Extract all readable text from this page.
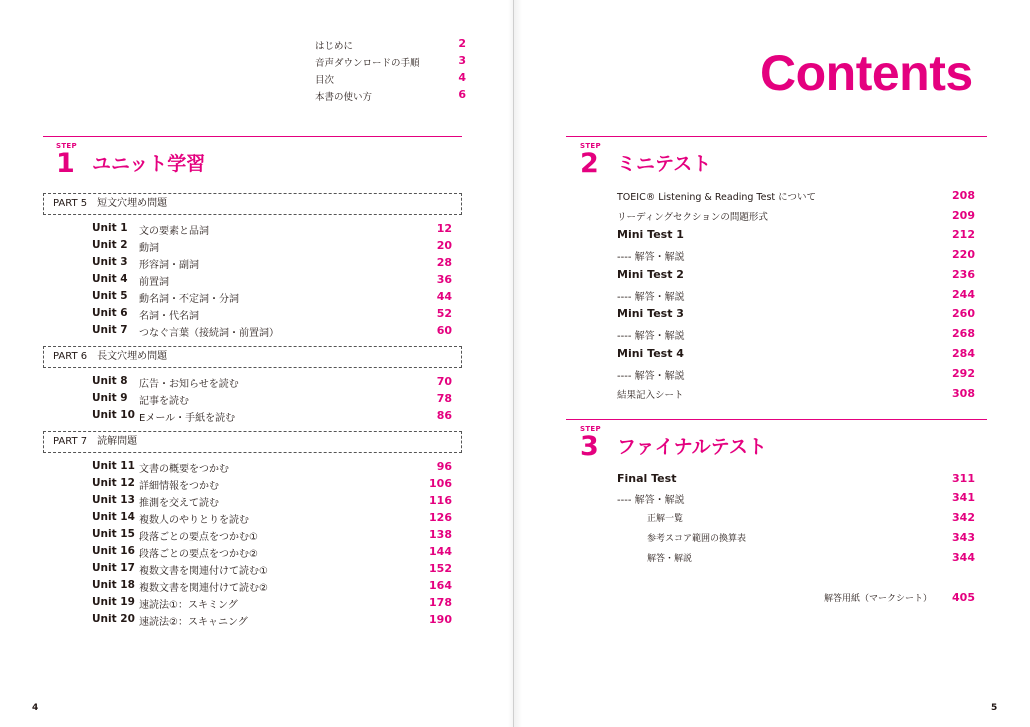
はじめに	2
音声ダウンロードの手順	3
目次	4
本書の使い方	6
STEP
1 ユニット学習
PART 5　短文穴埋め問題
Unit 1 文の要素と品詞	12
Unit 2 動詞	20
Unit 3 形容詞・副詞	28
Unit 4 前置詞	36
Unit 5 動名詞・不定詞・分詞	44
Unit 6 名詞・代名詞	52
Unit 7 つなぐ言葉（接続詞・前置詞）	60
PART 6　長文穴埋め問題
Unit 8 広告・お知らせを読む	70
Unit 9 記事を読む	78
Unit 10 Eメール・手紙を読む	86
PART 7　読解問題
Unit 11 文書の概要をつかむ	96
Unit 12 詳細情報をつかむ	106
Unit 13 推測を交えて読む	116
Unit 14 複数人のやりとりを読む	126
Unit 15 段落ごとの要点をつかむ①	138
Unit 16 段落ごとの要点をつかむ②	144
Unit 17 複数文書を関連付けて読む①	152
Unit 18 複数文書を関連付けて読む②	164
Unit 19 速読法①：スキミング	178
Unit 20 速読法②：スキャニング	190
4
Contents
STEP
2 ミニテスト
TOEIC® Listening & Reading Test について	208
リーディングセクションの問題形式	209
Mini Test 1	212
---- 解答・解説	220
Mini Test 2	236
---- 解答・解説	244
Mini Test 3	260
---- 解答・解説	268
Mini Test 4	284
---- 解答・解説	292
結果記入シート	308
STEP
3 ファイナルテスト
Final Test	311
---- 解答・解説	341
正解一覧	342
参考スコア範囲の換算表	343
解答・解説	344
解答用紙（マークシート） 405
5
